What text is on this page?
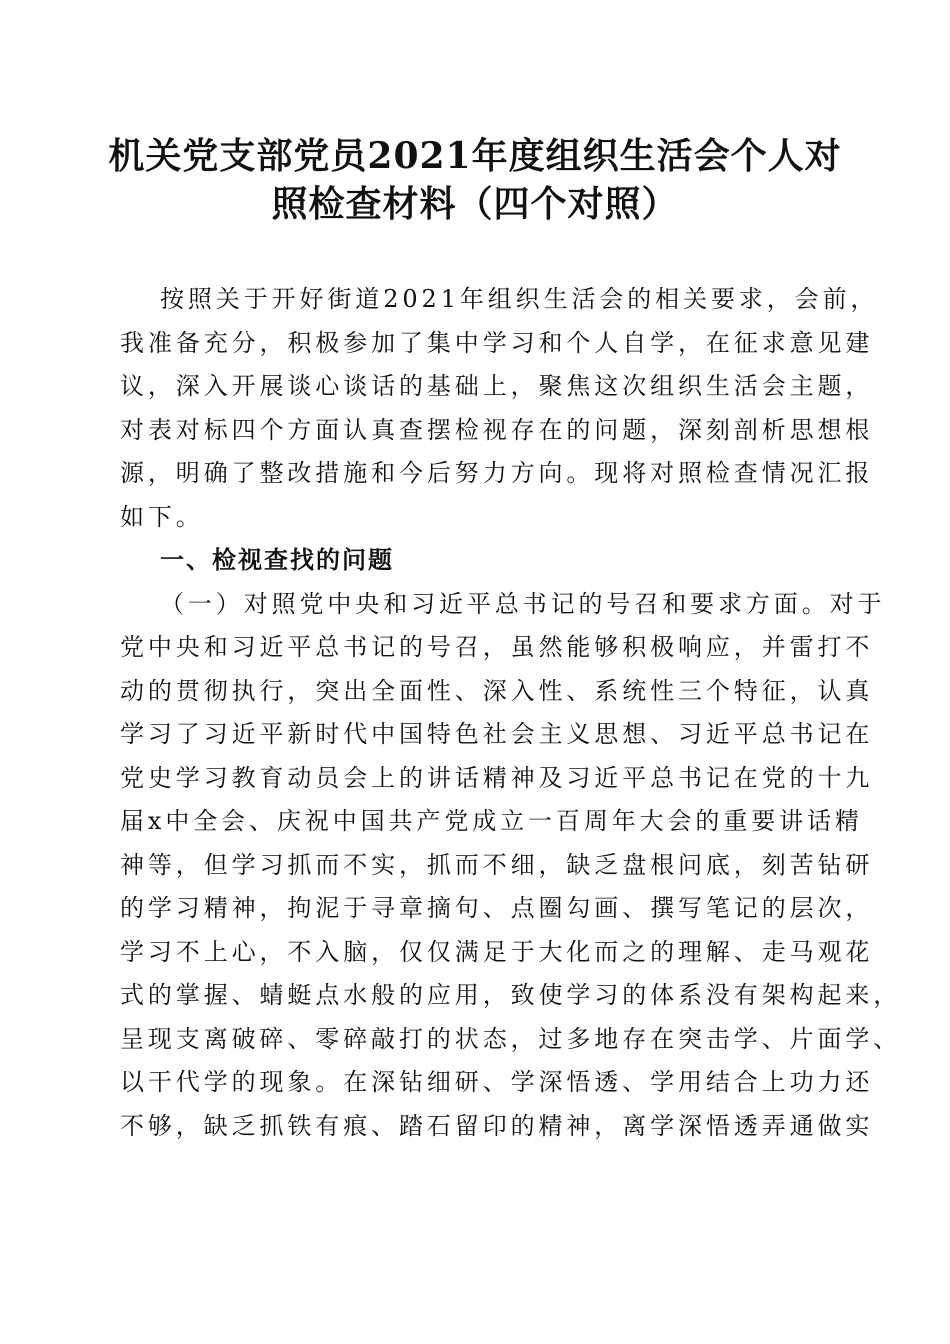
机关党支部党员2021年度组织生活会个人对
照检查材料（四个对照）
按照关于开好街道2021年组织生活会的相关要求，会前，
我准备充分，积极参加了集中学习和个人自学，在征求意见建
议，深入开展谈心谈话的基础上，聚焦这次组织生活会主题，
对表对标四个方面认真查摆检视存在的问题，深刻剖析思想根
源，明确了整改措施和今后努力方向。现将对照检查情况汇报
如下。
一、检视查找的问题
（一）对照党中央和习近平总书记的号召和要求方面。对于
党中央和习近平总书记的号召，虽然能够积极响应，并雷打不
动的贯彻执行，突出全面性、深入性、系统性三个特征，认真
学习了习近平新时代中国特色社会主义思想、习近平总书记在
党史学习教育动员会上的讲话精神及习近平总书记在党的十九
届x中全会、庆祝中国共产党成立一百周年大会的重要讲话精
神等，但学习抓而不实，抓而不细，缺乏盘根问底，刻苦钻研
的学习精神，拘泥于寻章摘句、点圈勾画、撰写笔记的层次，
学习不上心，不入脑，仅仅满足于大化而之的理解、走马观花
式的掌握、蜻蜓点水般的应用，致使学习的体系没有架构起来，
呈现支离破碎、零碎敲打的状态，过多地存在突击学、片面学、
以干代学的现象。在深钻细研、学深悟透、学用结合上功力还
不够，缺乏抓铁有痕、踏石留印的精神，离学深悟透弄通做实
